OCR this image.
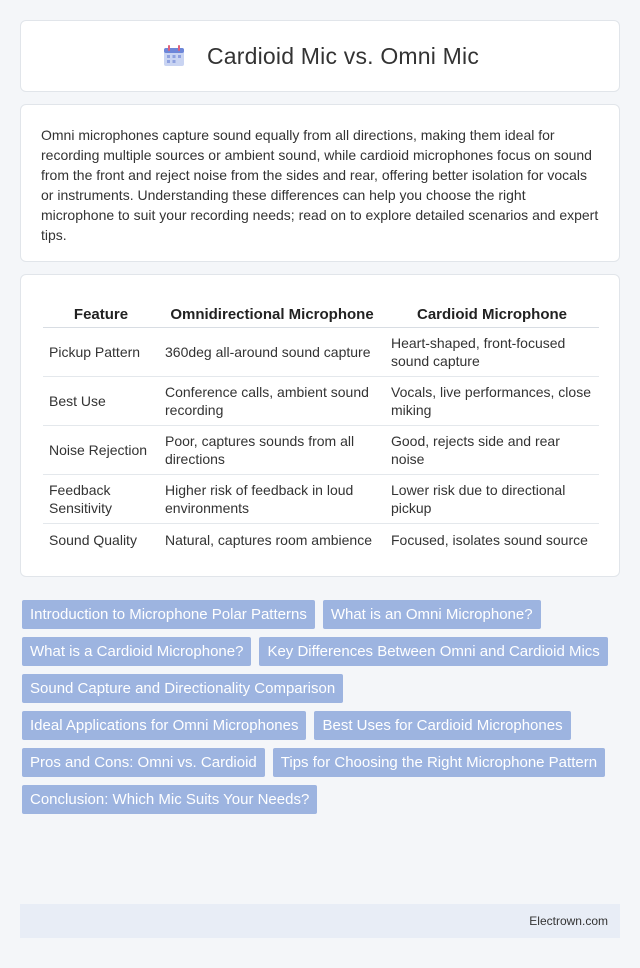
Cardioid Mic vs. Omni Mic

Omni microphones capture sound equally from all directions, making them ideal for recording multiple sources or ambient sound, while cardioid microphones focus on sound from the front and reject noise from the sides and rear, offering better isolation for vocals or instruments. Understanding these differences can help you choose the right microphone to suit your recording needs; read on to explore detailed scenarios and expert tips.

Feature	Omnidirectional Microphone	Cardioid Microphone
Pickup Pattern	360deg all-around sound capture	Heart-shaped, front-focused sound capture
Best Use	Conference calls, ambient sound recording	Vocals, live performances, close miking
Noise Rejection	Poor, captures sounds from all directions	Good, rejects side and rear noise
Feedback Sensitivity	Higher risk of feedback in loud environments	Lower risk due to directional pickup
Sound Quality	Natural, captures room ambience	Focused, isolates sound source
Introduction to Microphone Polar Patterns	What is an Omni Microphone?
What is a Cardioid Microphone?	Key Differences Between Omni and Cardioid Mics
Sound Capture and Directionality Comparison
Ideal Applications for Omni Microphones	Best Uses for Cardioid Microphones
Pros and Cons: Omni vs. Cardioid	Tips for Choosing the Right Microphone Pattern
Conclusion: Which Mic Suits Your Needs?
Electrown.com
